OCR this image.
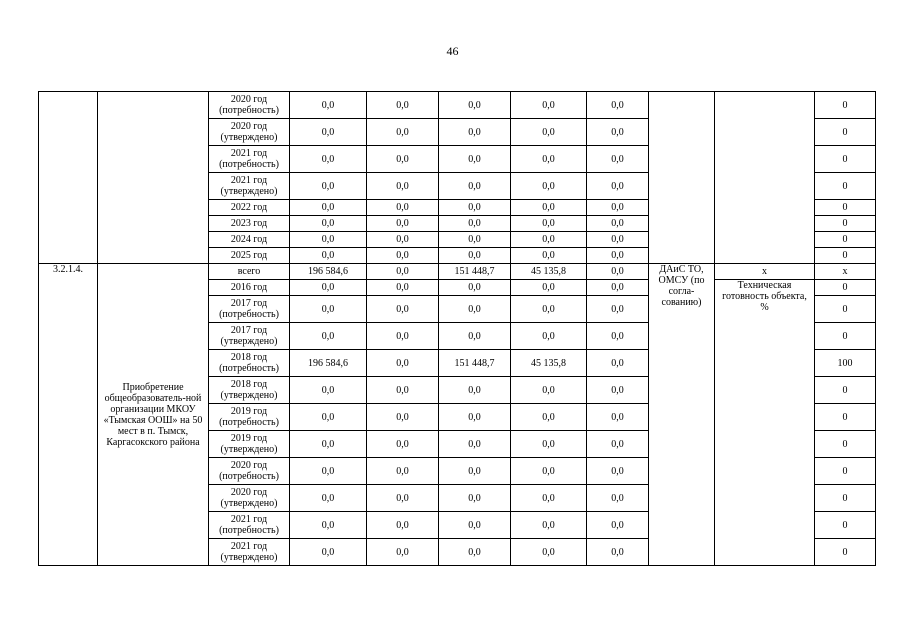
46
		2020 год (потребность)	0,0	0,0	0,0	0,0	0,0			0
		2020 год (утверждено)	0,0	0,0	0,0	0,0	0,0			0
		2021 год (потребность)	0,0	0,0	0,0	0,0	0,0			0
		2021 год (утверждено)	0,0	0,0	0,0	0,0	0,0			0
		2022 год	0,0	0,0	0,0	0,0	0,0			0
		2023 год	0,0	0,0	0,0	0,0	0,0			0
		2024 год	0,0	0,0	0,0	0,0	0,0			0
		2025 год	0,0	0,0	0,0	0,0	0,0			0
3.2.1.4.	Приобретение общеобразователь-ной организации МКОУ «Тымская ООШ» на 50 мест в п. Тымск, Каргасокского района	всего	196 584,6	0,0	151 448,7	45 135,8	0,0	ДАиС ТО, ОМСУ (по согла-сованию)	х	х
		2016 год	0,0	0,0	0,0	0,0	0,0		Техническая готовность объекта, %	0
		2017 год (потребность)	0,0	0,0	0,0	0,0	0,0			0
		2017 год (утверждено)	0,0	0,0	0,0	0,0	0,0			0
		2018 год (потребность)	196 584,6	0,0	151 448,7	45 135,8	0,0			100
		2018 год (утверждено)	0,0	0,0	0,0	0,0	0,0			0
		2019 год (потребность)	0,0	0,0	0,0	0,0	0,0			0
		2019 год (утверждено)	0,0	0,0	0,0	0,0	0,0			0
		2020 год (потребность)	0,0	0,0	0,0	0,0	0,0			0
		2020 год (утверждено)	0,0	0,0	0,0	0,0	0,0			0
		2021 год (потребность)	0,0	0,0	0,0	0,0	0,0			0
		2021 год (утверждено)	0,0	0,0	0,0	0,0	0,0			0
